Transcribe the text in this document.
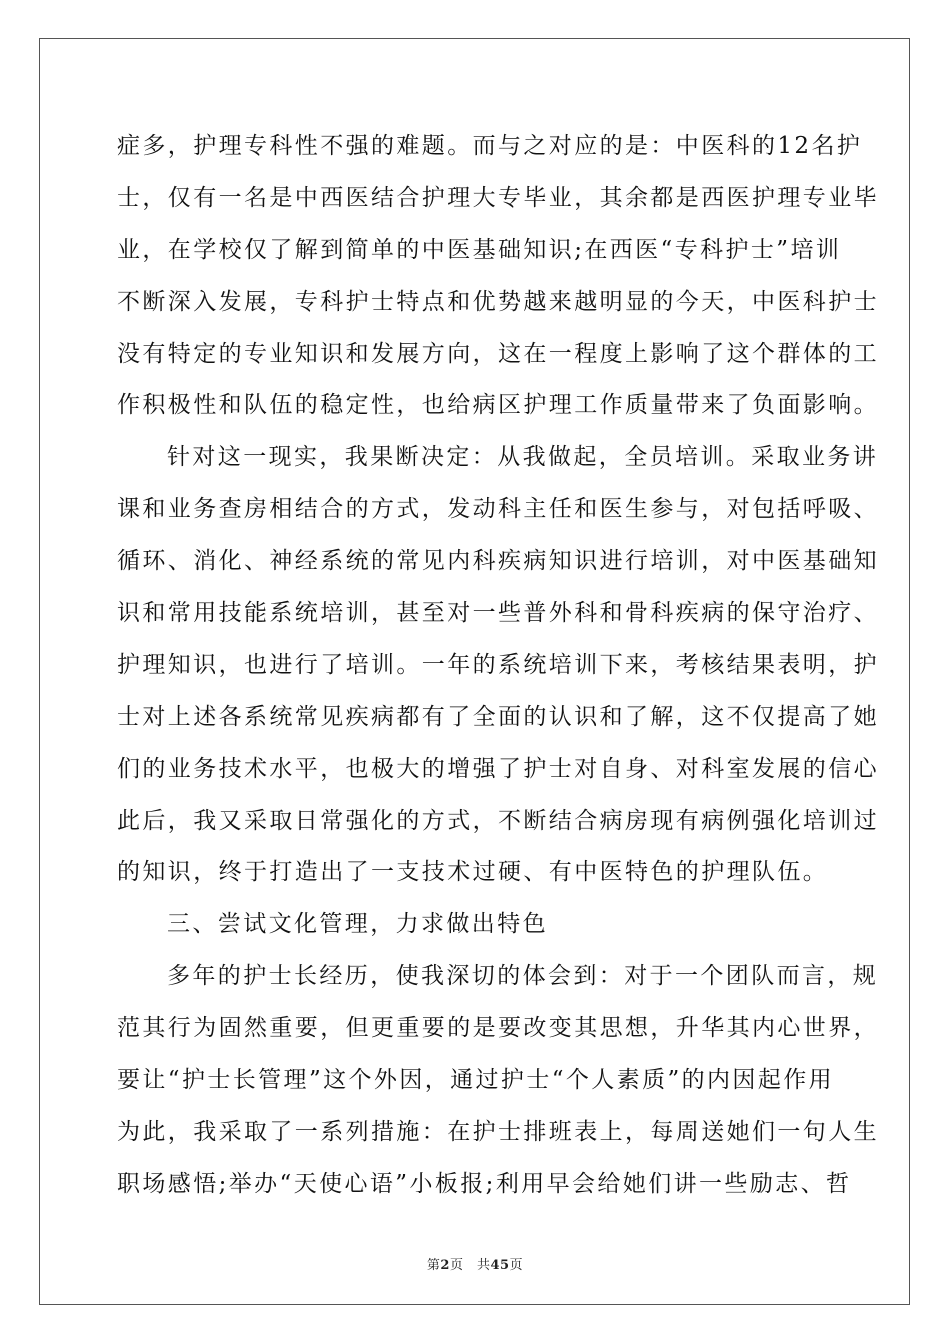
症多，护理专科性不强的难题。而与之对应的是：中医科的12名护
士，仅有一名是中西医结合护理大专毕业，其余都是西医护理专业毕
业，在学校仅了解到简单的中医基础知识;在西医“专科护士”培训
不断深入发展，专科护士特点和优势越来越明显的今天，中医科护士
没有特定的专业知识和发展方向，这在一程度上影响了这个群体的工
作积极性和队伍的稳定性，也给病区护理工作质量带来了负面影响。
针对这一现实，我果断决定：从我做起，全员培训。采取业务讲
课和业务查房相结合的方式，发动科主任和医生参与，对包括呼吸、
循环、消化、神经系统的常见内科疾病知识进行培训，对中医基础知
识和常用技能系统培训，甚至对一些普外科和骨科疾病的保守治疗、
护理知识，也进行了培训。一年的系统培训下来，考核结果表明，护
士对上述各系统常见疾病都有了全面的认识和了解，这不仅提高了她
们的业务技术水平，也极大的增强了护士对自身、对科室发展的信心
此后，我又采取日常强化的方式，不断结合病房现有病例强化培训过
的知识，终于打造出了一支技术过硬、有中医特色的护理队伍。
三、尝试文化管理，力求做出特色
多年的护士长经历，使我深切的体会到：对于一个团队而言，规
范其行为固然重要，但更重要的是要改变其思想，升华其内心世界，
要让“护士长管理”这个外因，通过护士“个人素质”的内因起作用
为此，我采取了一系列措施：在护士排班表上，每周送她们一句人生
职场感悟;举办“天使心语”小板报;利用早会给她们讲一些励志、哲
第2页　共45页
